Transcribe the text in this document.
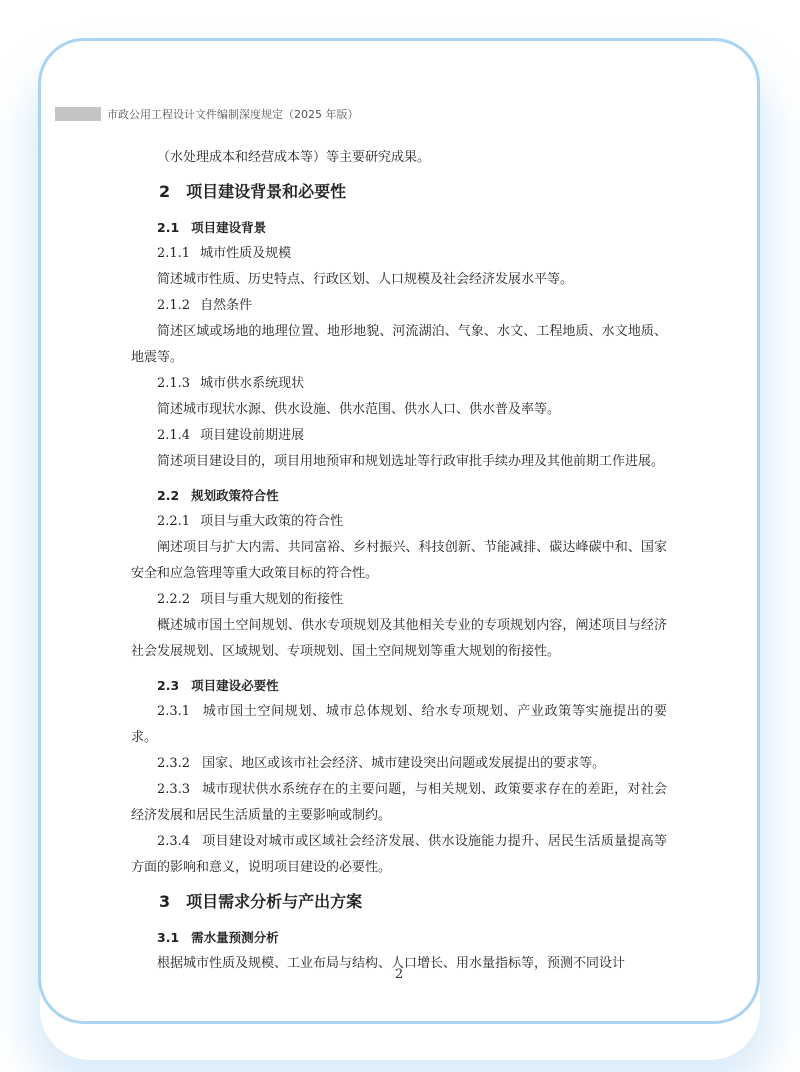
市政公用工程设计文件编制深度规定（2025 年版）

（水处理成本和经营成本等）等主要研究成果。

2 项目建设背景和必要性
2.1 项目建设背景
2.1.1 城市性质及规模

简述城市性质、历史特点、行政区划、人口规模及社会经济发展水平等。

2.1.2 自然条件

简述区域或场地的地理位置、地形地貌、河流湖泊、气象、水文、工程地质、水文地质、地震等。

2.1.3 城市供水系统现状

简述城市现状水源、供水设施、供水范围、供水人口、供水普及率等。

2.1.4 项目建设前期进展

简述项目建设目的，项目用地预审和规划选址等行政审批手续办理及其他前期工作进展。

2.2 规划政策符合性
2.2.1 项目与重大政策的符合性

阐述项目与扩大内需、共同富裕、乡村振兴、科技创新、节能减排、碳达峰碳中和、国家安全和应急管理等重大政策目标的符合性。

2.2.2 项目与重大规划的衔接性

概述城市国土空间规划、供水专项规划及其他相关专业的专项规划内容，阐述项目与经济社会发展规划、区域规划、专项规划、国土空间规划等重大规划的衔接性。

2.3 项目建设必要性

2.3.1 城市国土空间规划、城市总体规划、给水专项规划、产业政策等实施提出的要求。

2.3.2 国家、地区或该市社会经济、城市建设突出问题或发展提出的要求等。

2.3.3 城市现状供水系统存在的主要问题，与相关规划、政策要求存在的差距，对社会经济发展和居民生活质量的主要影响或制约。

2.3.4 项目建设对城市或区域社会经济发展、供水设施能力提升、居民生活质量提高等方面的影响和意义，说明项目建设的必要性。

3 项目需求分析与产出方案
3.1 需水量预测分析

根据城市性质及规模、工业布局与结构、人口增长、用水量指标等，预测不同设计

2
